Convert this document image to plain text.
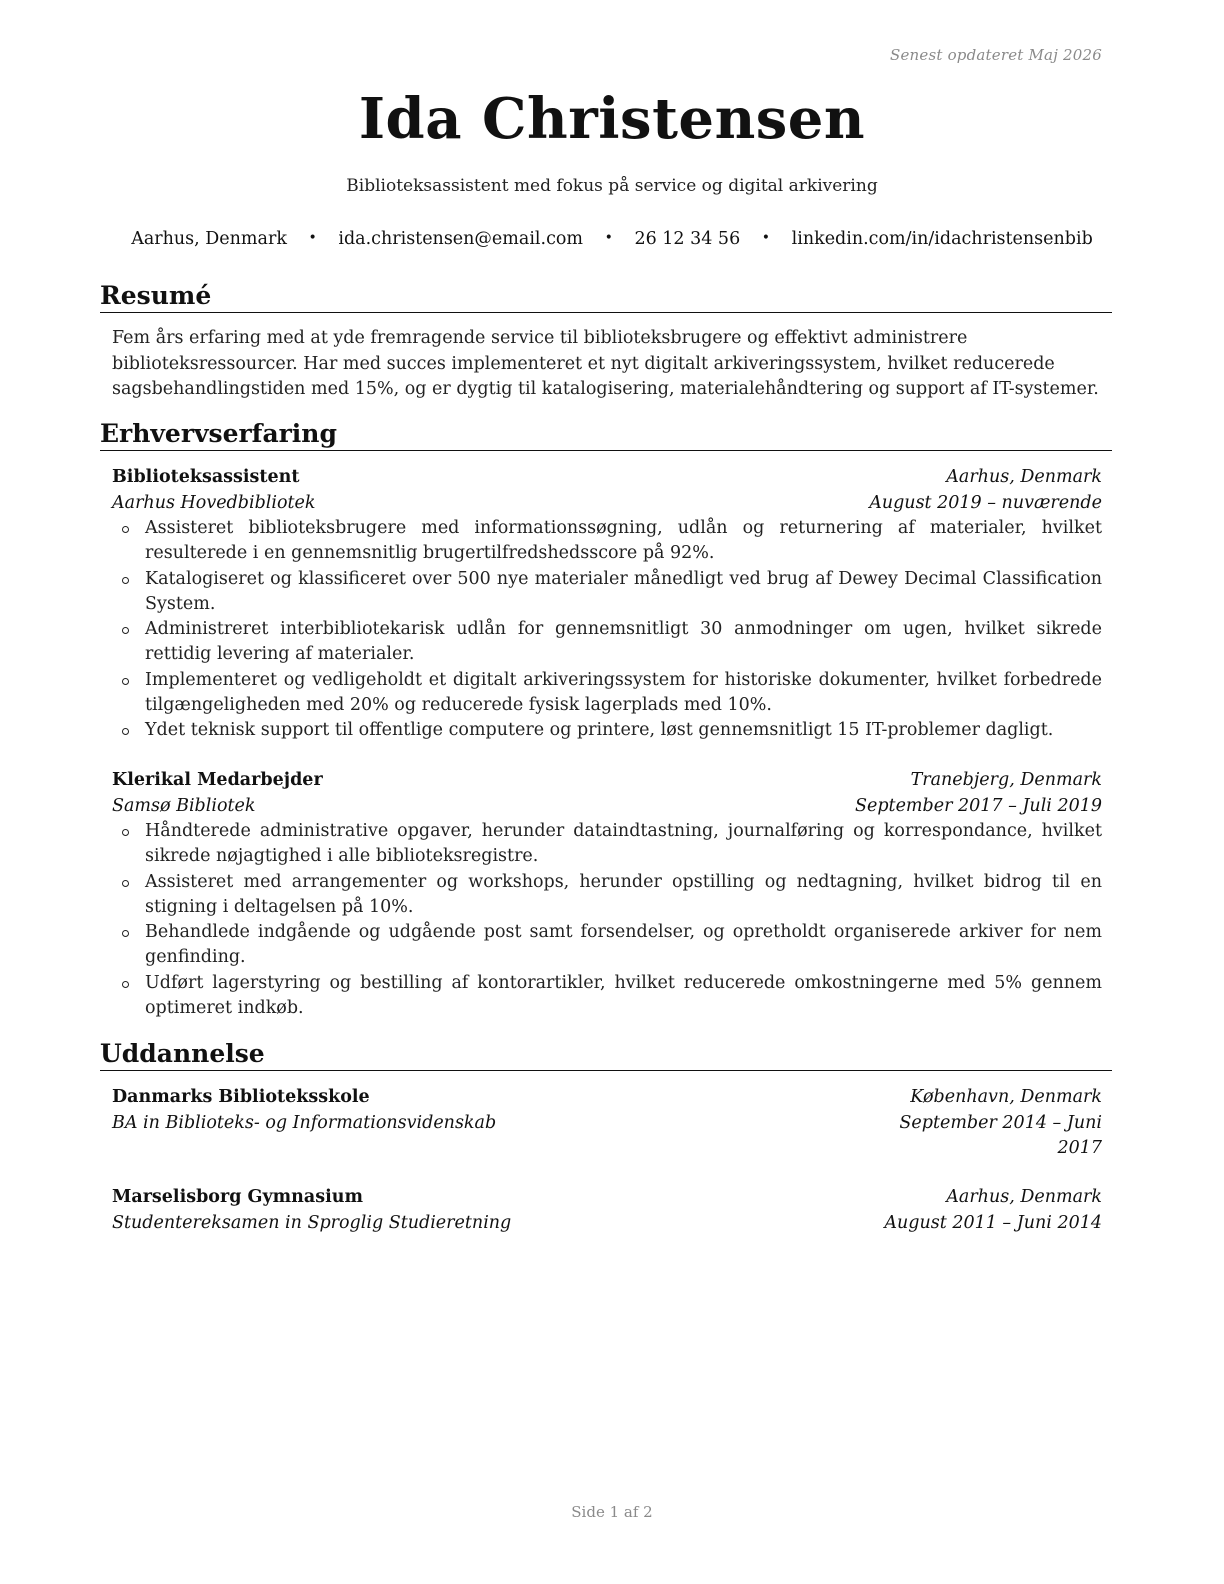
Senest opdateret Maj 2026
Ida Christensen
Biblioteksassistent med fokus på service og digital arkivering
Aarhus, Denmark • ida.christensen@email.com • 26 12 34 56 • linkedin.com/in/idachristensenbib
Resumé

Fem års erfaring med at yde fremragende service til biblioteksbrugere og effektivt administrere biblioteksressourcer. Har med succes implementeret et nyt digitalt arkiveringssystem, hvilket reducerede sagsbehandlingstiden med 15%, og er dygtig til katalogisering, materialehåndtering og support af IT-systemer.

Erhvervserfaring
Biblioteksassistent	Aarhus, Denmark
Aarhus Hovedbibliotek	August 2019 – nuværende
Assisteret biblioteksbrugere med informationssøgning, udlån og returnering af materialer, hvilket resulterede i en gennemsnitlig brugertilfredshedsscore på 92%.
Katalogiseret og klassificeret over 500 nye materialer månedligt ved brug af Dewey Decimal Classification System.
Administreret interbibliotekarisk udlån for gennemsnitligt 30 anmodninger om ugen, hvilket sikrede rettidig levering af materialer.
Implementeret og vedligeholdt et digitalt arkiveringssystem for historiske dokumenter, hvilket forbedrede tilgængeligheden med 20% og reducerede fysisk lagerplads med 10%.
Ydet teknisk support til offentlige computere og printere, løst gennemsnitligt 15 IT-problemer dagligt.
Klerikal Medarbejder	Tranebjerg, Denmark
Samsø Bibliotek	September 2017 – Juli 2019
Håndterede administrative opgaver, herunder dataindtastning, journalføring og korrespondance, hvilket sikrede nøjagtighed i alle biblioteksregistre.
Assisteret med arrangementer og workshops, herunder opstilling og nedtagning, hvilket bidrog til en stigning i deltagelsen på 10%.
Behandlede indgående og udgående post samt forsendelser, og opretholdt organiserede arkiver for nem genfinding.
Udført lagerstyring og bestilling af kontorartikler, hvilket reducerede omkostningerne med 5% gennem optimeret indkøb.
Uddannelse
Danmarks Biblioteksskole	København, Denmark
BA in Biblioteks- og Informationsvidenskab	September 2014 – Juni
2017
Marselisborg Gymnasium	Aarhus, Denmark
Studentereksamen in Sproglig Studieretning	August 2011 – Juni 2014
Side 1 af 2
